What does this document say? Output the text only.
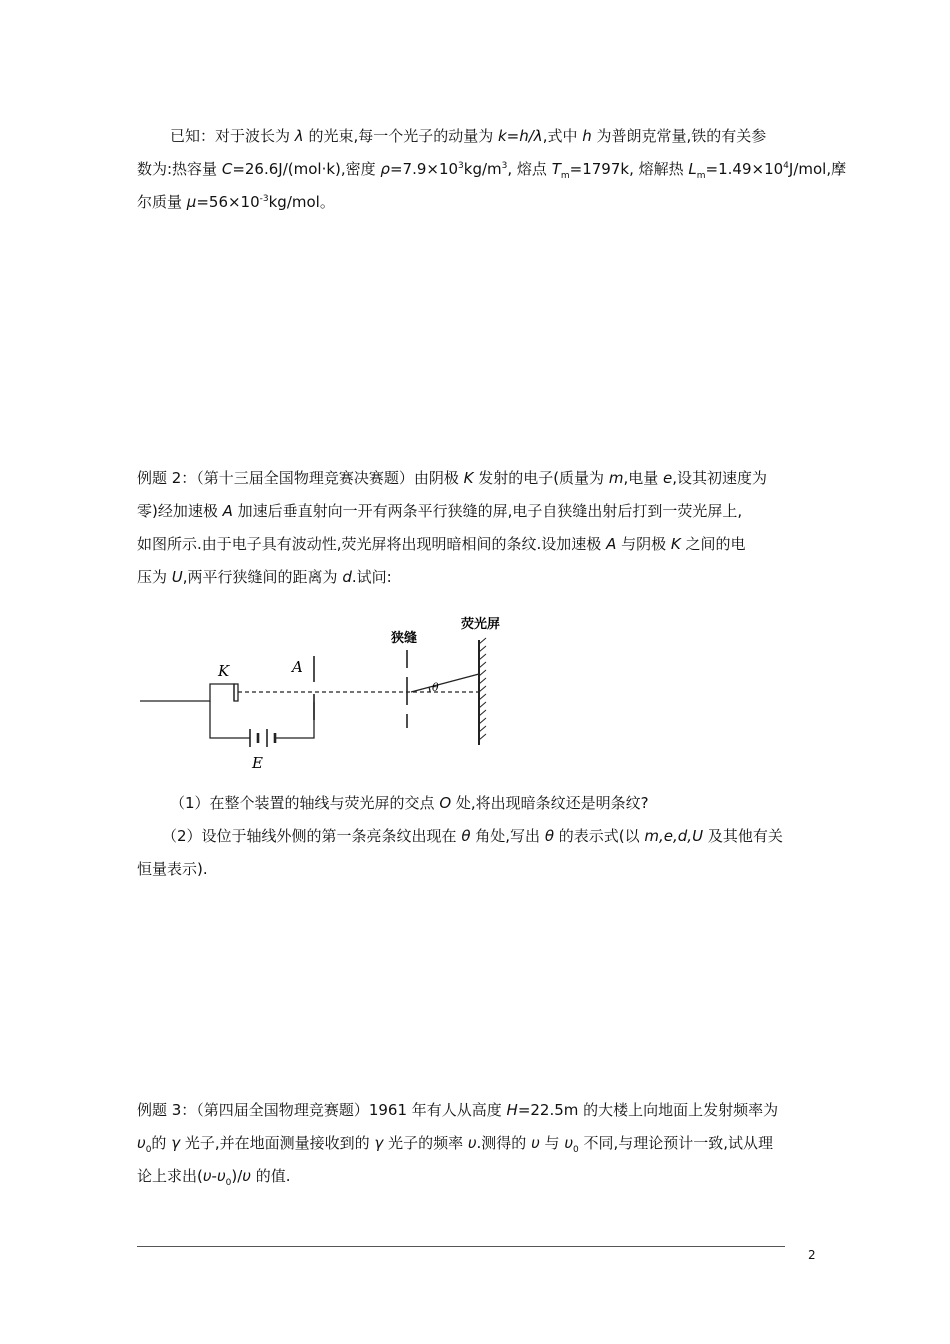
已知：对于波长为 λ 的光束,每一个光子的动量为 k=h/λ,式中 h 为普朗克常量,铁的有关参
数为:热容量 C=26.6J/(mol·k),密度 $\rho=7.9\times 10^3kg/m^3$, 熔点 $T_m=1797k$, 熔解热 $L_m=1.49\times 10^4J$/mol,摩
尔质量 $\mu=56\times 10^{-3}kg$/mol。

例题 2：（第十三届全国物理竞赛决赛题）由阴极 K 发射的电子(质量为 m,电量 e,设其初速度为
零)经加速极 A 加速后垂直射向一开有两条平行狭缝的屏,电子自狭缝出射后打到一荧光屏上,
如图所示.由于电子具有波动性,荧光屏将出现明暗相间的条纹.设加速极 A 与阴极 K 之间的电
压为 U,两平行狭缝间的距离为 d.试问:

K	A
E
狭缝
荧光屏
θ

（1）在整个装置的轴线与荧光屏的交点 O 处,将出现暗条纹还是明条纹?
（2）设位于轴线外侧的第一条亮条纹出现在 θ 角处,写出 θ 的表示式(以 m,e,d,U 及其他有关
恒量表示).

例题 3：（第四届全国物理竞赛题）1961 年有人从高度 H=22.5m 的大楼上向地面上发射频率为
$\upsilon_0$的 γ 光子,并在地面测量接收到的 γ 光子的频率 υ.测得的 υ 与 $\upsilon_0$ 不同,与理论预计一致,试从理
论上求出$(\upsilon-\upsilon_0)/\upsilon$ 的值.

2
